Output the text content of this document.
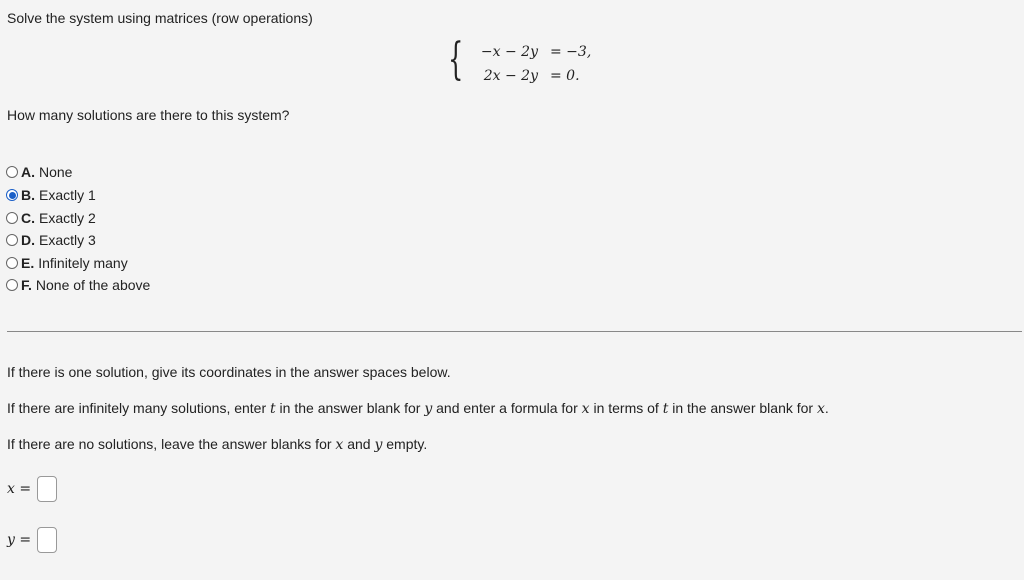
Solve the system using matrices (row operations)
{	−x − 2y = −3,
2x − 2y = 0.
How many solutions are there to this system?
A. None
B. Exactly 1
C. Exactly 2
D. Exactly 3
E. Infinitely many
F. None of the above
If there is one solution, give its coordinates in the answer spaces below.
If there are infinitely many solutions, enter t in the answer blank for y and enter a formula for x in terms of t in the answer blank for x.
If there are no solutions, leave the answer blanks for x and y empty.
x =
y =
